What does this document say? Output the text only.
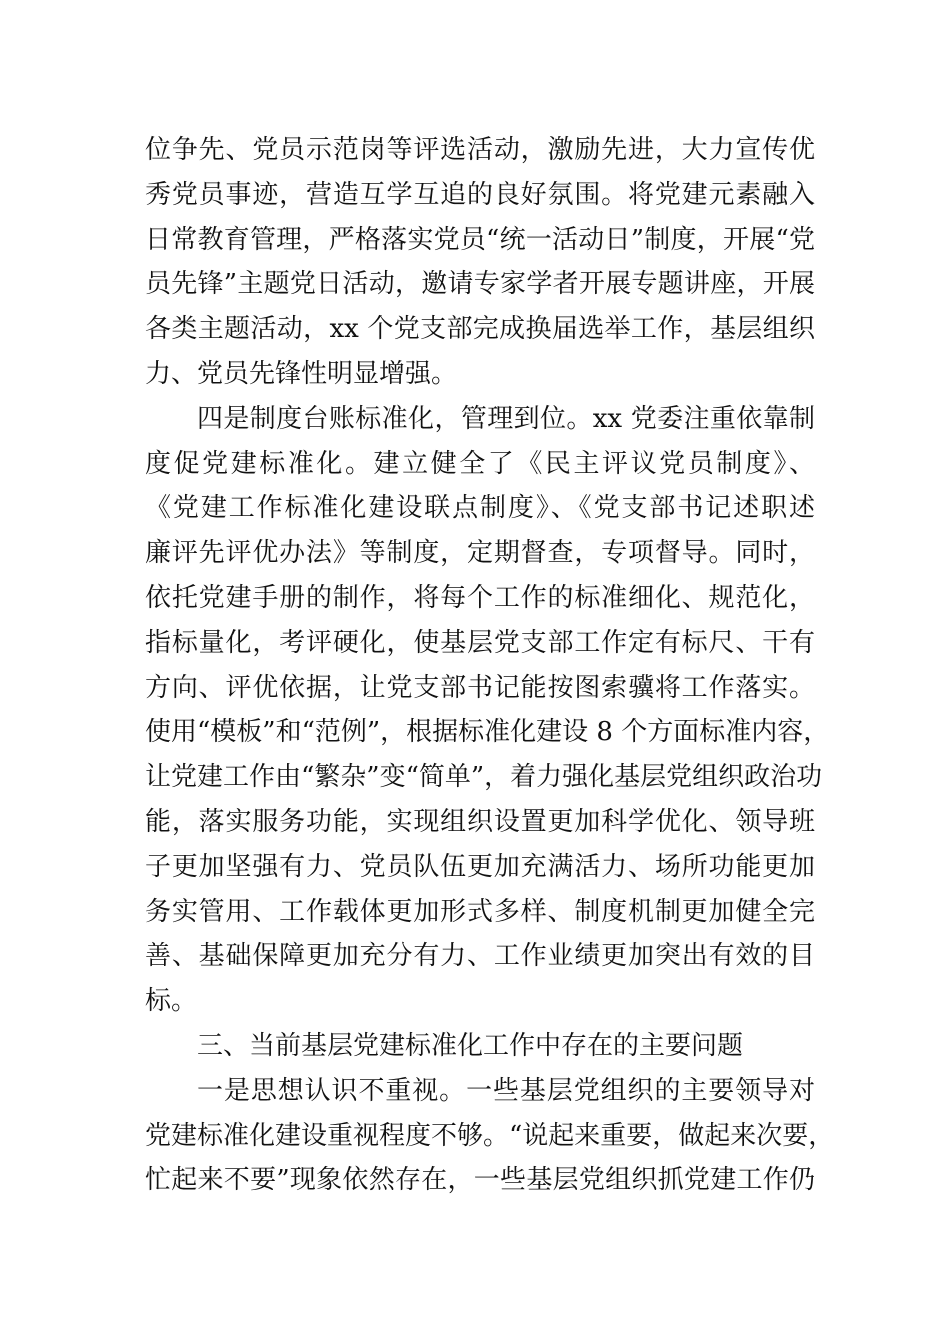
位争先、党员示范岗等评选活动，激励先进，大力宣传优
秀党员事迹，营造互学互追的良好氛围。将党建元素融入
日常教育管理，严格落实党员“统一活动日”制度，开展“党
员先锋”主题党日活动，邀请专家学者开展专题讲座，开展
各类主题活动，xx 个党支部完成换届选举工作，基层组织
力、党员先锋性明显增强。
四是制度台账标准化，管理到位。xx 党委注重依靠制
度促党建标准化。建立健全了《民主评议党员制度》、
《党建工作标准化建设联点制度》、《党支部书记述职述
廉评先评优办法》等制度，定期督查，专项督导。同时，
依托党建手册的制作，将每个工作的标准细化、规范化，
指标量化，考评硬化，使基层党支部工作定有标尺、干有
方向、评优依据，让党支部书记能按图索骥将工作落实。
使用“模板”和“范例”，根据标准化建设 8 个方面标准内容，
让党建工作由“繁杂”变“简单”，着力强化基层党组织政治功
能，落实服务功能，实现组织设置更加科学优化、领导班
子更加坚强有力、党员队伍更加充满活力、场所功能更加
务实管用、工作载体更加形式多样、制度机制更加健全完
善、基础保障更加充分有力、工作业绩更加突出有效的目
标。
三、当前基层党建标准化工作中存在的主要问题
一是思想认识不重视。一些基层党组织的主要领导对
党建标准化建设重视程度不够。“说起来重要，做起来次要，
忙起来不要”现象依然存在，一些基层党组织抓党建工作仍
